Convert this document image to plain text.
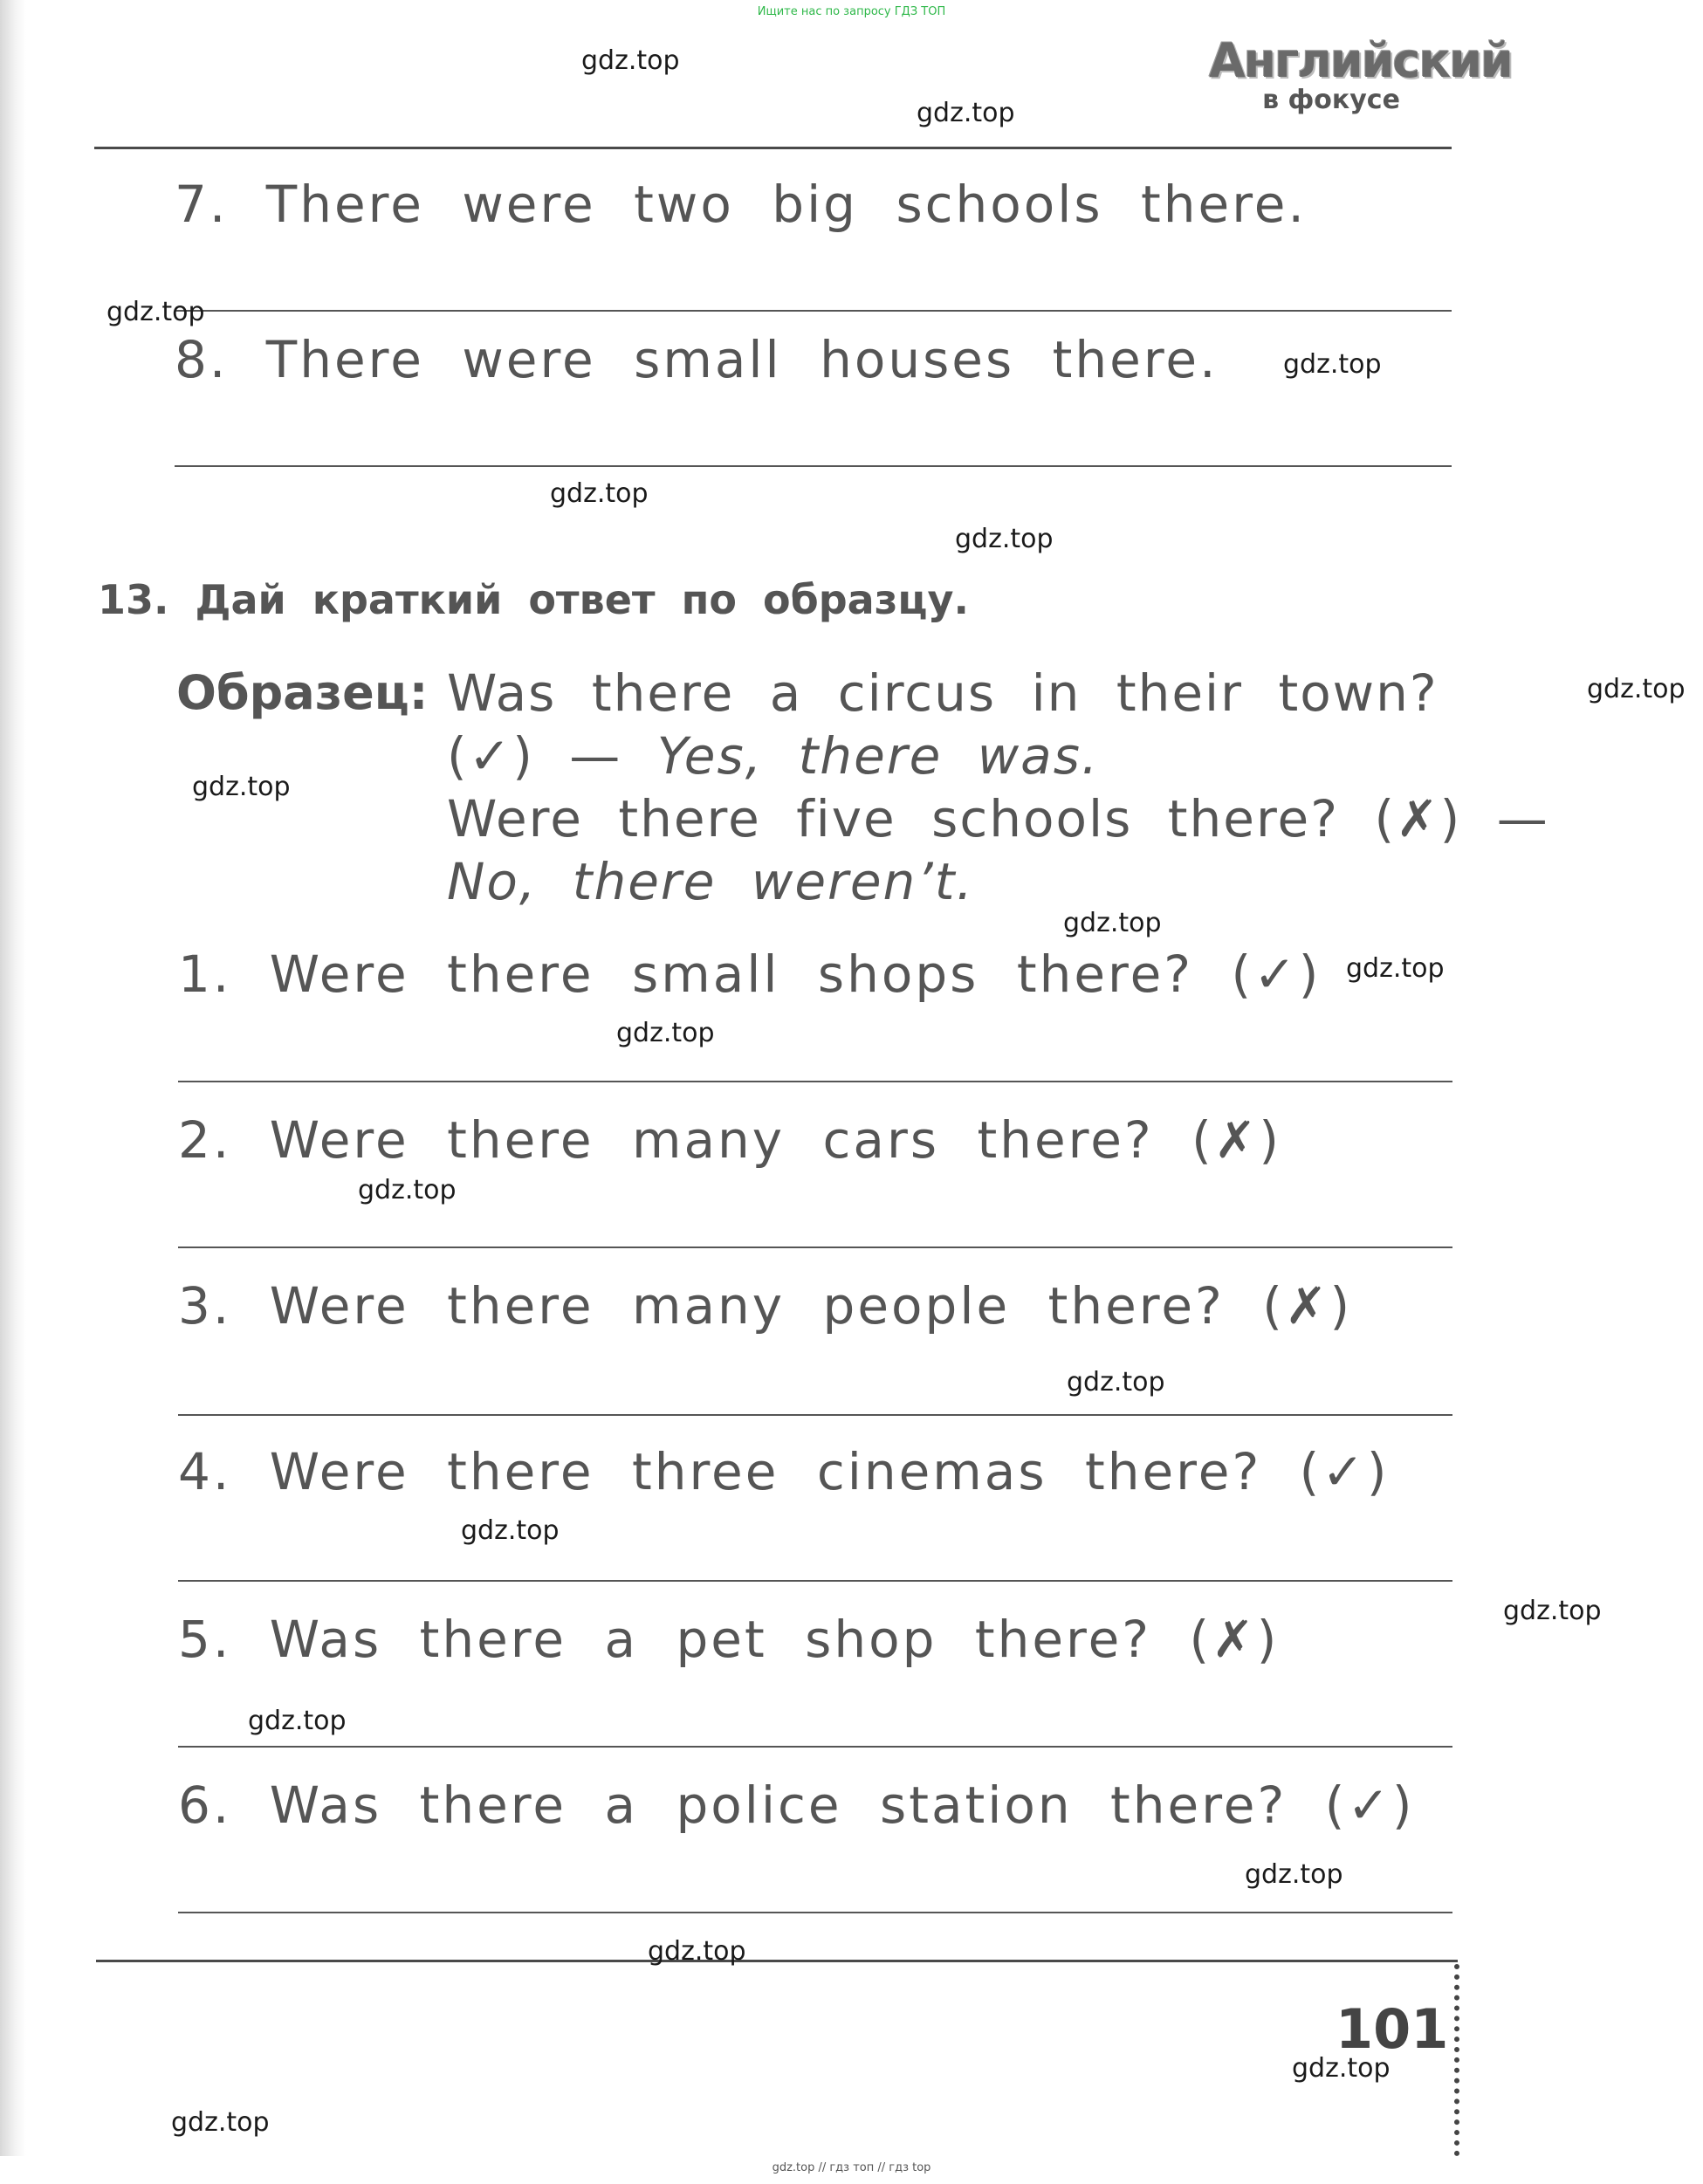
Ищите нас по запросу ГДЗ ТОП
Английский
в фокусе
7. There were two big schools there.
8. There were small houses there.
13. Дай краткий ответ по образцу.
Образец: Was there a circus in their town?
(✓) — Yes, there was.
Were there five schools there? (✗) —
No, there weren’t.
1. Were there small shops there? (✓)
2. Were there many cars there? (✗)
3. Were there many people there? (✗)
4. Were there three cinemas there? (✓)
5. Was there a pet shop there? (✗)
6. Was there a police station there? (✓)
101
gdz.top
gdz.top
gdz.top
gdz.top
gdz.top
gdz.top
gdz.top
gdz.top
gdz.top
gdz.top
gdz.top
gdz.top
gdz.top
gdz.top
gdz.top
gdz.top
gdz.top
gdz.top
gdz.top
gdz.top
gdz.top // гдз топ // гдз top
